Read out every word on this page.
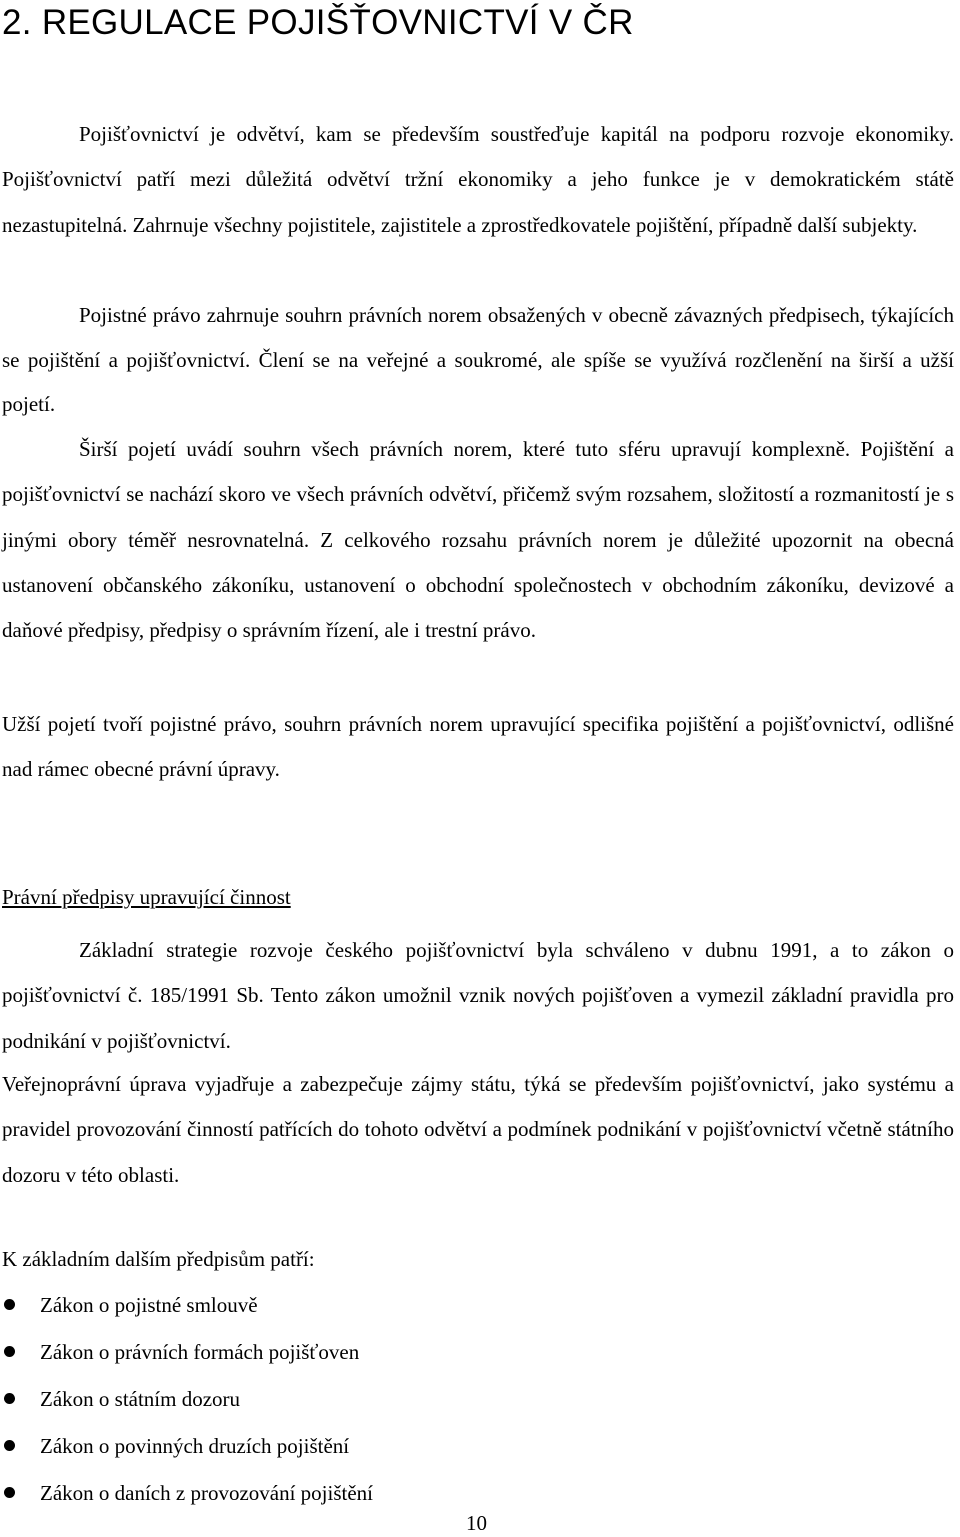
2. REGULACE POJIŠŤOVNICTVÍ V ČR

Pojišťovnictví je odvětví, kam se především soustřeďuje kapitál na podporu rozvoje ekonomiky. Pojišťovnictví patří mezi důležitá odvětví tržní ekonomiky a jeho funkce je v demokratickém státě nezastupitelná. Zahrnuje všechny pojistitele, zajistitele a zprostředkovatele pojištění, případně další subjekty.

Pojistné právo zahrnuje souhrn právních norem obsažených v obecně závazných předpisech, týkajících se pojištění a pojišťovnictví. Člení se na veřejné a soukromé, ale spíše se využívá rozčlenění na širší a užší pojetí.

Širší pojetí uvádí souhrn všech právních norem, které tuto sféru upravují komplexně. Pojištění a pojišťovnictví se nachází skoro ve všech právních odvětví, přičemž svým rozsahem, složitostí a rozmanitostí je s jinými obory téměř nesrovnatelná. Z celkového rozsahu právních norem je důležité upozornit na obecná ustanovení občanského zákoníku, ustanovení o obchodní společnostech v obchodním zákoníku, devizové a daňové předpisy, předpisy o správním řízení, ale i trestní právo.

Užší pojetí tvoří pojistné právo, souhrn právních norem upravující specifika pojištění a pojišťovnictví, odlišné nad rámec obecné právní úpravy.

Právní předpisy upravující činnost

Základní strategie rozvoje českého pojišťovnictví byla schváleno v dubnu 1991, a to zákon o pojišťovnictví č. 185/1991 Sb. Tento zákon umožnil vznik nových pojišťoven a vymezil základní pravidla pro podnikání v pojišťovnictví.

Veřejnoprávní úprava vyjadřuje a zabezpečuje zájmy státu, týká se především pojišťovnictví, jako systému a pravidel provozování činností patřících do tohoto odvětví a podmínek podnikání v pojišťovnictví včetně státního dozoru v této oblasti.

K základním dalším předpisům patří:
Zákon o pojistné smlouvě
Zákon o právních formách pojišťoven
Zákon o státním dozoru
Zákon o povinných druzích pojištění
Zákon o daních z provozování pojištění
10
